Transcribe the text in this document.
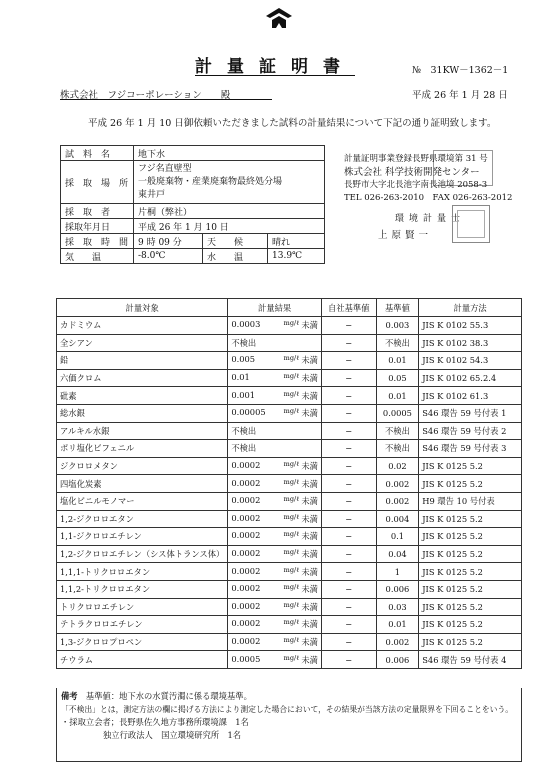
計量証明書	№　31KW－1362－1
株式会社　フジコーポレーション　　殿	平成 26 年 1 月 28 日
平成 26 年 1 月 10 日御依頼いただきました試料の計量結果について下記の通り証明致します。
試　料　名	地下水		
採　取　場　所	フジ名直壁型
一般廃棄物・産業廃棄物最終処分場
東井戸		

採　取　者	片桐（弊社）		
採取年月日	平成 26 年 1 月 10 日		
採　取　時　間	9 時 09 分	天　　候	晴れ
気　　温	-8.0℃	水　　温	13.9℃
計量証明事業登録長野県環境第 31 号
株式会社 科学技術開発センター
長野市大字北長池字南長池境 2058-3
TEL 026-263-2010　FAX 026-263-2012
環境計量士
上原賢一
計量対象	計量結果	自社基準値	基準値	計量方法
カドミウム	0.0003 mg/ℓ 未満	−	0.003	JIS K 0102 55.3
全シアン	不検出	−	不検出	JIS K 0102 38.3
鉛	0.005 mg/ℓ 未満	−	0.01	JIS K 0102 54.3
六価クロム	0.01 mg/ℓ 未満	−	0.05	JIS K 0102 65.2.4
砒素	0.001 mg/ℓ 未満	−	0.01	JIS K 0102 61.3
総水銀	0.00005 mg/ℓ 未満	−	0.0005	S46 環告 59 号付表 1
アルキル水銀	不検出	−	不検出	S46 環告 59 号付表 2
ポリ塩化ビフェニル	不検出	−	不検出	S46 環告 59 号付表 3
ジクロロメタン	0.0002 mg/ℓ 未満	−	0.02	JIS K 0125 5.2
四塩化炭素	0.0002 mg/ℓ 未満	−	0.002	JIS K 0125 5.2
塩化ビニルモノマー	0.0002 mg/ℓ 未満	−	0.002	H9 環告 10 号付表
1,2-ジクロロエタン	0.0002 mg/ℓ 未満	−	0.004	JIS K 0125 5.2
1,1-ジクロロエチレン	0.0002 mg/ℓ 未満	−	0.1	JIS K 0125 5.2
1,2-ジクロロエチレン（シス体トランス体）	0.0002 mg/ℓ 未満	−	0.04	JIS K 0125 5.2
1,1,1-トリクロロエタン	0.0002 mg/ℓ 未満	−	1	JIS K 0125 5.2
1,1,2-トリクロロエタン	0.0002 mg/ℓ 未満	−	0.006	JIS K 0125 5.2
トリクロロエチレン	0.0002 mg/ℓ 未満	−	0.03	JIS K 0125 5.2
テトラクロロエチレン	0.0002 mg/ℓ 未満	−	0.01	JIS K 0125 5.2
1,3-ジクロロプロペン	0.0002 mg/ℓ 未満	−	0.002	JIS K 0125 5.2
チウラム	0.0005 mg/ℓ 未満	−	0.006	S46 環告 59 号付表 4
備考　 基準値：地下水の水質汚濁に係る環境基準。
「不検出」とは，測定方法の欄に掲げる方法により測定した場合において，その結果が当該方法の定量限界を下回ることをいう。
・採取立会者；長野県佐久地方事務所環境課　1名
独立行政法人　国立環境研究所　1名
